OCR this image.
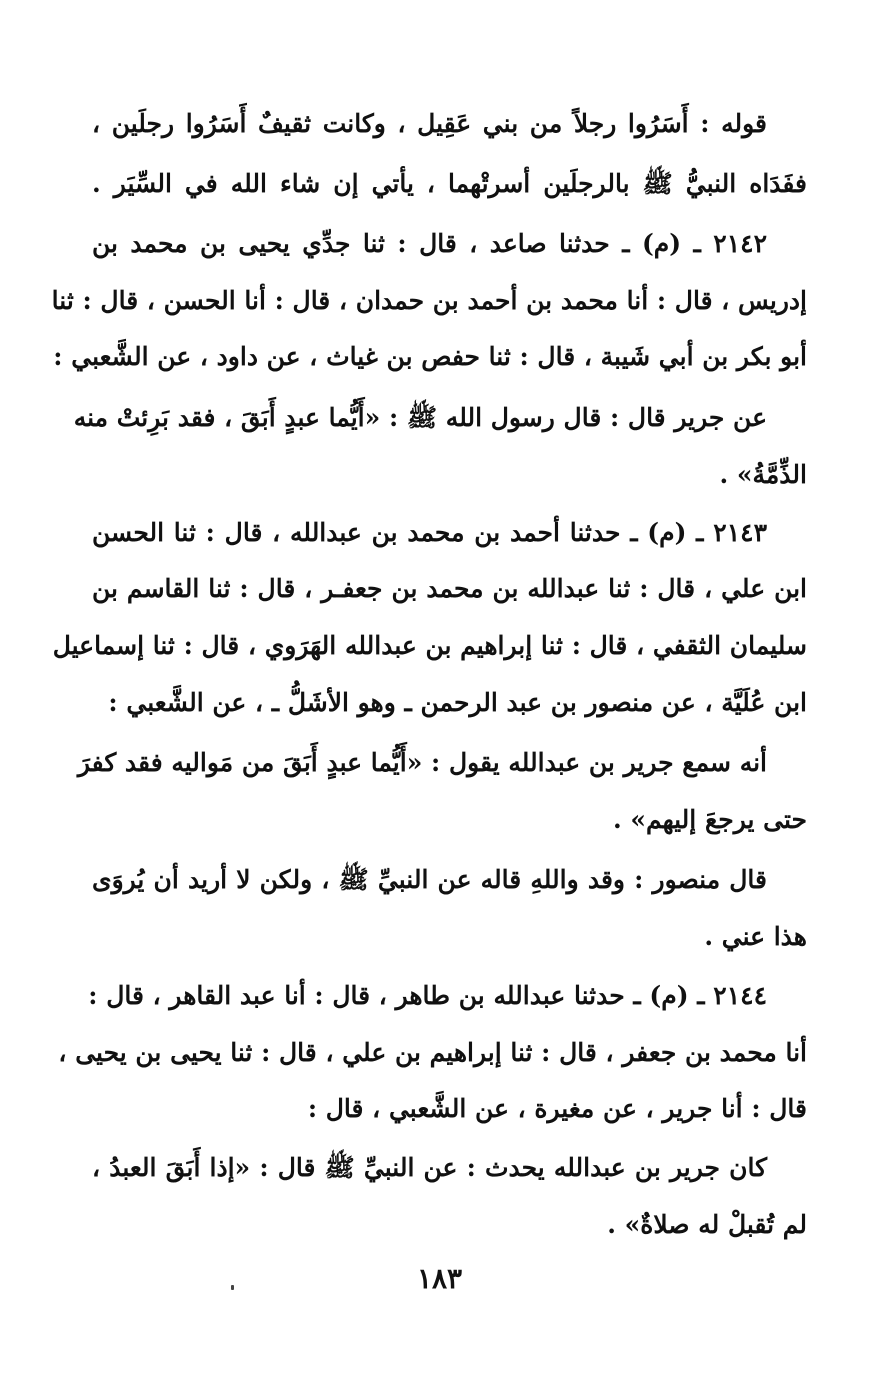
قوله : أَسَرُوا رجلاً من بني عَقِيل ، وكانت ثقيفٌ أَسَرُوا رجلَين ،
ففَدَاه النبيُّ ﷺ بالرجلَين أسرتْهما ، يأتي إن شاء الله في السِّيَر .
٢١٤٢ ـ (م) ـ حدثنا صاعد ، قال : ثنا جدِّي يحيى بن محمد بن
إدريس ، قال : أنا محمد بن أحمد بن حمدان ، قال : أنا الحسن ، قال : ثنا
أبو بكر بن أبي شَيبة ، قال : ثنا حفص بن غياث ، عن داود ، عن الشَّعبي :
عن جرير قال : قال رسول الله ﷺ : «أَيُّما عبدٍ أَبَقَ ، فقد بَرِئتْ منه
الذِّمَّةُ» .
٢١٤٣ ـ (م) ـ حدثنا أحمد بن محمد بن عبدالله ، قال : ثنا الحسن
ابن علي ، قال : ثنا عبدالله بن محمد بن جعفـر ، قال : ثنا القاسم بن
سليمان الثقفي ، قال : ثنا إبراهيم بن عبدالله الهَرَوي ، قال : ثنا إسماعيل
ابن عُلَيَّة ، عن منصور بن عبد الرحمن ـ وهو الأشَلُّ ـ ، عن الشَّعبي :
أنه سمع جرير بن عبدالله يقول : «أَيُّما عبدٍ أَبَقَ من مَواليه فقد كفرَ
حتى يرجعَ إليهم» .
قال منصور : وقد واللهِ قاله عن النبيِّ ﷺ ، ولكن لا أريد أن يُروَى
هذا عني .
٢١٤٤ ـ (م) ـ حدثنا عبدالله بن طاهر ، قال : أنا عبد القاهر ، قال :
أنا محمد بن جعفر ، قال : ثنا إبراهيم بن علي ، قال : ثنا يحيى بن يحيى ،
قال : أنا جرير ، عن مغيرة ، عن الشَّعبي ، قال :
كان جرير بن عبدالله يحدث : عن النبيِّ ﷺ قال : «إذا أَبَقَ العبدُ ،
لم تُقبلْ له صلاةٌ» .
١٨٣
